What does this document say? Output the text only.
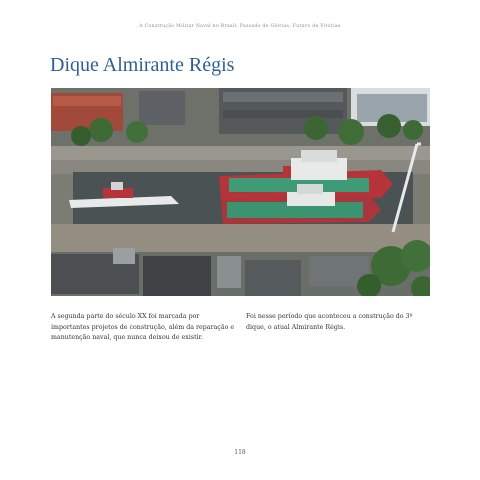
A Construção Militar Naval no Brasil: Passado de Glórias, Futuro de Vitórias
Dique Almirante Régis

A segunda parte do século XX foi marcada por importantes projetos de construção, além da reparação e manutenção naval, que nunca deixou de existir.

Foi nesse período que aconteceu a construção do 3º dique, o atual Almirante Régis.

118
